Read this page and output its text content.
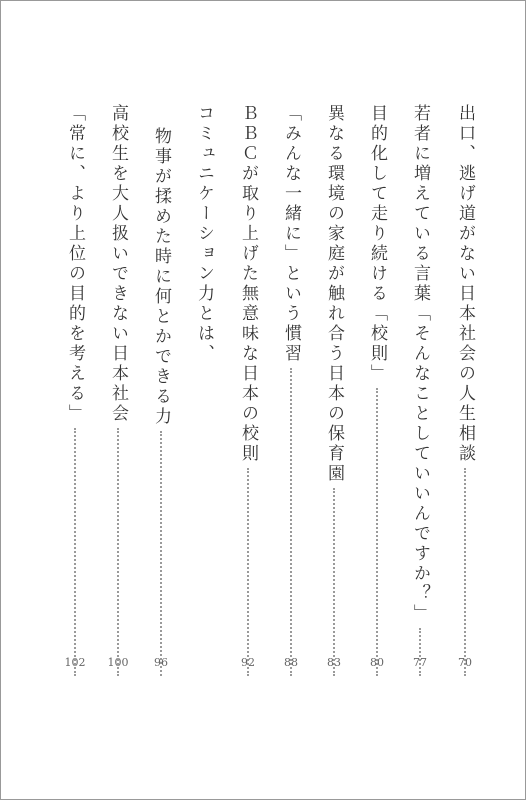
出口、逃げ道がない日本社会の人生相談
70
若者に増えている言葉「そんなことしていいんですか？」
77
目的化して走り続ける「校則」
80
異なる環境の家庭が触れ合う日本の保育園
83
「みんな一緒に」という慣習
88
ＢＢＣが取り上げた無意味な日本の校則
92
コミュニケーション力とは、
物事が揉めた時に何とかできる力
96
高校生を大人扱いできない日本社会
100
「常に、より上位の目的を考える」
102
